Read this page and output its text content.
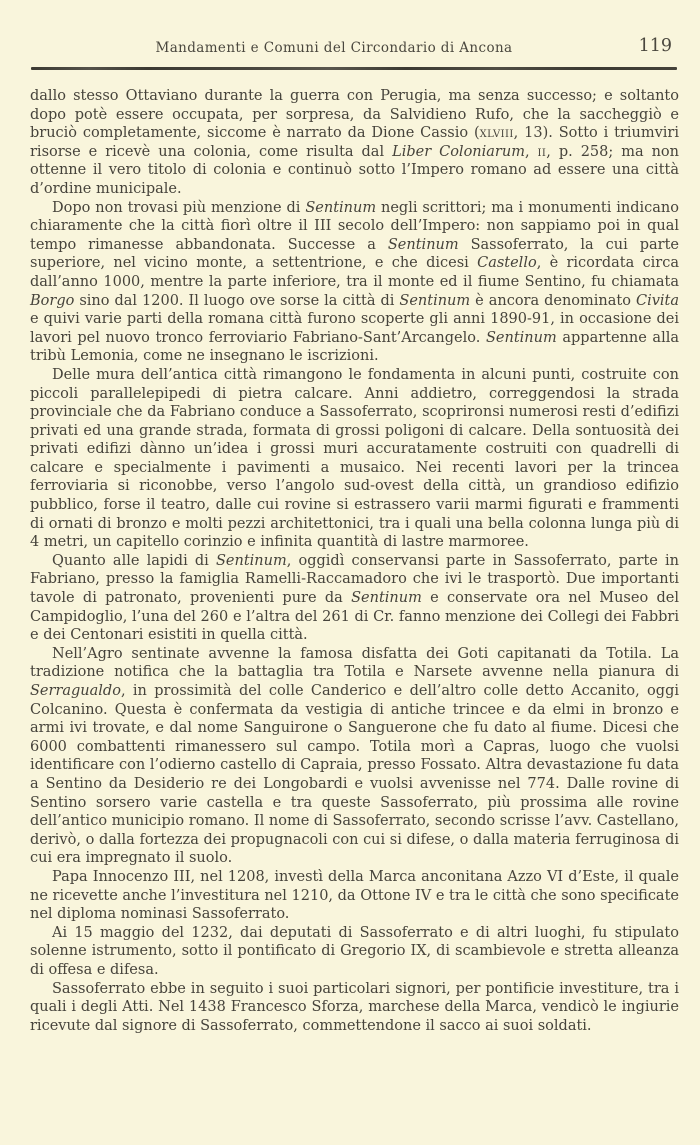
Mandamenti e Comuni del Circondario di Ancona	119

dallo stesso Ottaviano durante la guerra con Perugia, ma senza successo; e soltanto dopo potè essere occupata, per sorpresa, da Salvidieno Rufo, che la saccheggiò e bruciò completamente, siccome è narrato da Dione Cassio (xlviii, 13). Sotto i triumviri risorse e ricevè una colonia, come risulta dal Liber Coloniarum, ii, p. 258; ma non ottenne il vero titolo di colonia e continuò sotto l’Impero romano ad essere una città d’ordine municipale.

Dopo non trovasi più menzione di Sentinum negli scrittori; ma i monumenti indicano chiaramente che la città fiorì oltre il III secolo dell’Impero: non sappiamo poi in qual tempo rimanesse abbandonata. Successe a Sentinum Sassoferrato, la cui parte superiore, nel vicino monte, a settentrione, e che dicesi Castello, è ricordata circa dall’anno 1000, mentre la parte inferiore, tra il monte ed il fiume Sentino, fu chiamata Borgo sino dal 1200. Il luogo ove sorse la città di Sentinum è ancora denominato Civita e quivi varie parti della romana città furono scoperte gli anni 1890-91, in occasione dei lavori pel nuovo tronco ferroviario Fabriano-Sant’Arcangelo. Sentinum appartenne alla tribù Lemonia, come ne insegnano le iscrizioni.

Delle mura dell’antica città rimangono le fondamenta in alcuni punti, costruite con piccoli parallelepipedi di pietra calcare. Anni addietro, correggendosi la strada provinciale che da Fabriano conduce a Sassoferrato, scoprironsi numerosi resti d’edifizi privati ed una grande strada, formata di grossi poligoni di calcare. Della sontuosità dei privati edifizi dànno un’idea i grossi muri accuratamente costruiti con quadrelli di calcare e specialmente i pavimenti a musaico. Nei recenti lavori per la trincea ferroviaria si riconobbe, verso l’angolo sud-ovest della città, un grandioso edifizio pubblico, forse il teatro, dalle cui rovine si estrassero varii marmi figurati e frammenti di ornati di bronzo e molti pezzi architettonici, tra i quali una bella colonna lunga più di 4 metri, un capitello corinzio e infinita quantità di lastre marmoree.

Quanto alle lapidi di Sentinum, oggidì conservansi parte in Sassoferrato, parte in Fabriano, presso la famiglia Ramelli-Raccamadoro che ivi le trasportò. Due importanti tavole di patronato, provenienti pure da Sentinum e conservate ora nel Museo del Campidoglio, l’una del 260 e l’altra del 261 di Cr. fanno menzione dei Collegi dei Fabbri e dei Centonari esistiti in quella città.

Nell’Agro sentinate avvenne la famosa disfatta dei Goti capitanati da Totila. La tradizione notifica che la battaglia tra Totila e Narsete avvenne nella pianura di Serragualdo, in prossimità del colle Canderico e dell’altro colle detto Accanito, oggi Colcanino. Questa è confermata da vestigia di antiche trincee e da elmi in bronzo e armi ivi trovate, e dal nome Sanguirone o Sanguerone che fu dato al fiume. Dicesi che 6000 combattenti rimanessero sul campo. Totila morì a Capras, luogo che vuolsi identificare con l’odierno castello di Capraia, presso Fossato. Altra devastazione fu data a Sentino da Desiderio re dei Longobardi e vuolsi avvenisse nel 774. Dalle rovine di Sentino sorsero varie castella e tra queste Sassoferrato, più prossima alle rovine dell’antico municipio romano. Il nome di Sassoferrato, secondo scrisse l’avv. Castellano, derivò, o dalla fortezza dei propugnacoli con cui si difese, o dalla materia ferruginosa di cui era impregnato il suolo.

Papa Innocenzo III, nel 1208, investì della Marca anconitana Azzo VI d’Este, il quale ne ricevette anche l’investitura nel 1210, da Ottone IV e tra le città che sono specificate nel diploma nominasi Sassoferrato.

Ai 15 maggio del 1232, dai deputati di Sassoferrato e di altri luoghi, fu stipulato solenne istrumento, sotto il pontificato di Gregorio IX, di scambievole e stretta alleanza di offesa e difesa.

Sassoferrato ebbe in seguito i suoi particolari signori, per pontificie investiture, tra i quali i degli Atti. Nel 1438 Francesco Sforza, marchese della Marca, vendicò le ingiurie ricevute dal signore di Sassoferrato, commettendone il sacco ai suoi soldati.
